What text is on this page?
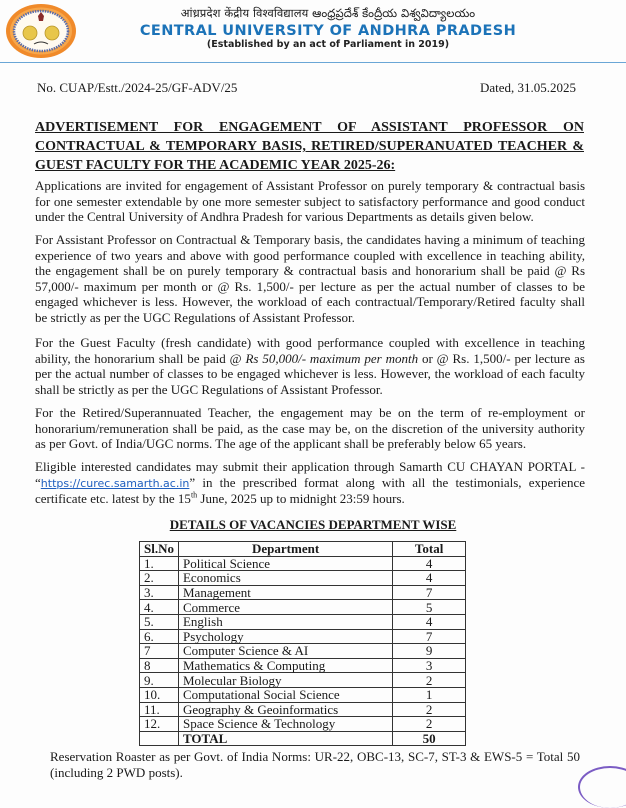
आंध्रप्रदेश केंद्रीय विश्वविद्यालय ఆంధ్రప్రదేశ్ కేంద్రీయ విశ్వవిద్యాలయం
CENTRAL UNIVERSITY OF ANDHRA PRADESH
(Established by an act of Parliament in 2019)
No. CUAP/Estt./2024-25/GF-ADV/25	Dated, 31.05.2025
ADVERTISEMENT FOR ENGAGEMENT OF ASSISTANT PROFESSOR ON CONTRACTUAL & TEMPORARY BASIS, RETIRED/SUPERANUATED TEACHER & GUEST FACULTY FOR THE ACADEMIC YEAR 2025-26:
Applications are invited for engagement of Assistant Professor on purely temporary & contractual basis for one semester extendable by one more semester subject to satisfactory performance and good conduct under the Central University of Andhra Pradesh for various Departments as details given below.
For Assistant Professor on Contractual & Temporary basis, the candidates having a minimum of teaching experience of two years and above with good performance coupled with excellence in teaching ability, the engagement shall be on purely temporary & contractual basis and honorarium shall be paid @ Rs 57,000/- maximum per month or @ Rs. 1,500/- per lecture as per the actual number of classes to be engaged whichever is less. However, the workload of each contractual/Temporary/Retired faculty shall be strictly as per the UGC Regulations of Assistant Professor.
For the Guest Faculty (fresh candidate) with good performance coupled with excellence in teaching ability, the honorarium shall be paid @ Rs 50,000/- maximum per month or @ Rs. 1,500/- per lecture as per the actual number of classes to be engaged whichever is less. However, the workload of each faculty shall be strictly as per the UGC Regulations of Assistant Professor.
For the Retired/Superannuated Teacher, the engagement may be on the term of re-employment or honorarium/remuneration shall be paid, as the case may be, on the discretion of the university authority as per Govt. of India/UGC norms. The age of the applicant shall be preferably below 65 years.
Eligible interested candidates may submit their application through Samarth CU CHAYAN PORTAL - “https://curec.samarth.ac.in” in the prescribed format along with all the testimonials, experience certificate etc. latest by the 15th June, 2025 up to midnight 23:59 hours.
DETAILS OF VACANCIES DEPARTMENT WISE
Sl.No	Department	Total
1.	Political Science	4
2.	Economics	4
3.	Management	7
4.	Commerce	5
5.	English	4
6.	Psychology	7
7	Computer Science & AI	9
8	Mathematics & Computing	3
9.	Molecular Biology	2
10.	Computational Social Science	1
11.	Geography & Geoinformatics	2
12.	Space Science & Technology	2
	TOTAL	50
Reservation Roaster as per Govt. of India Norms: UR-22, OBC-13, SC-7, ST-3 & EWS-5 = Total 50 (including 2 PWD posts).
